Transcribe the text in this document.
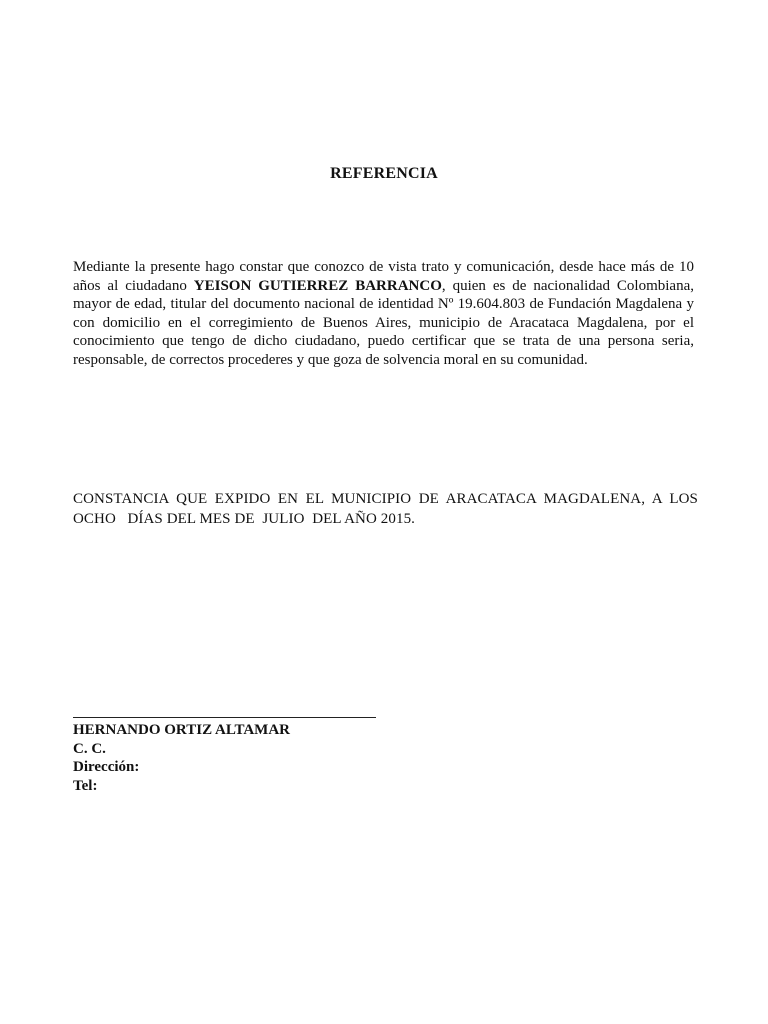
REFERENCIA
Mediante la presente hago constar que conozco de vista trato y comunicación, desde hace más de 10 años al ciudadano YEISON GUTIERREZ BARRANCO, quien es de nacionalidad Colombiana, mayor de edad, titular del documento nacional de identidad Nº 19.604.803 de Fundación Magdalena y con domicilio en el corregimiento de Buenos Aires, municipio de Aracataca Magdalena, por el conocimiento que tengo de dicho ciudadano, puedo certificar que se trata de una persona seria, responsable, de correctos procederes y que goza de solvencia moral en su comunidad.
CONSTANCIA QUE EXPIDO EN EL MUNICIPIO DE ARACATACA MAGDALENA, A LOS OCHO   DÍAS DEL MES DE  JULIO  DEL AÑO 2015.
HERNANDO ORTIZ ALTAMAR
C. C.
Dirección:
Tel:
